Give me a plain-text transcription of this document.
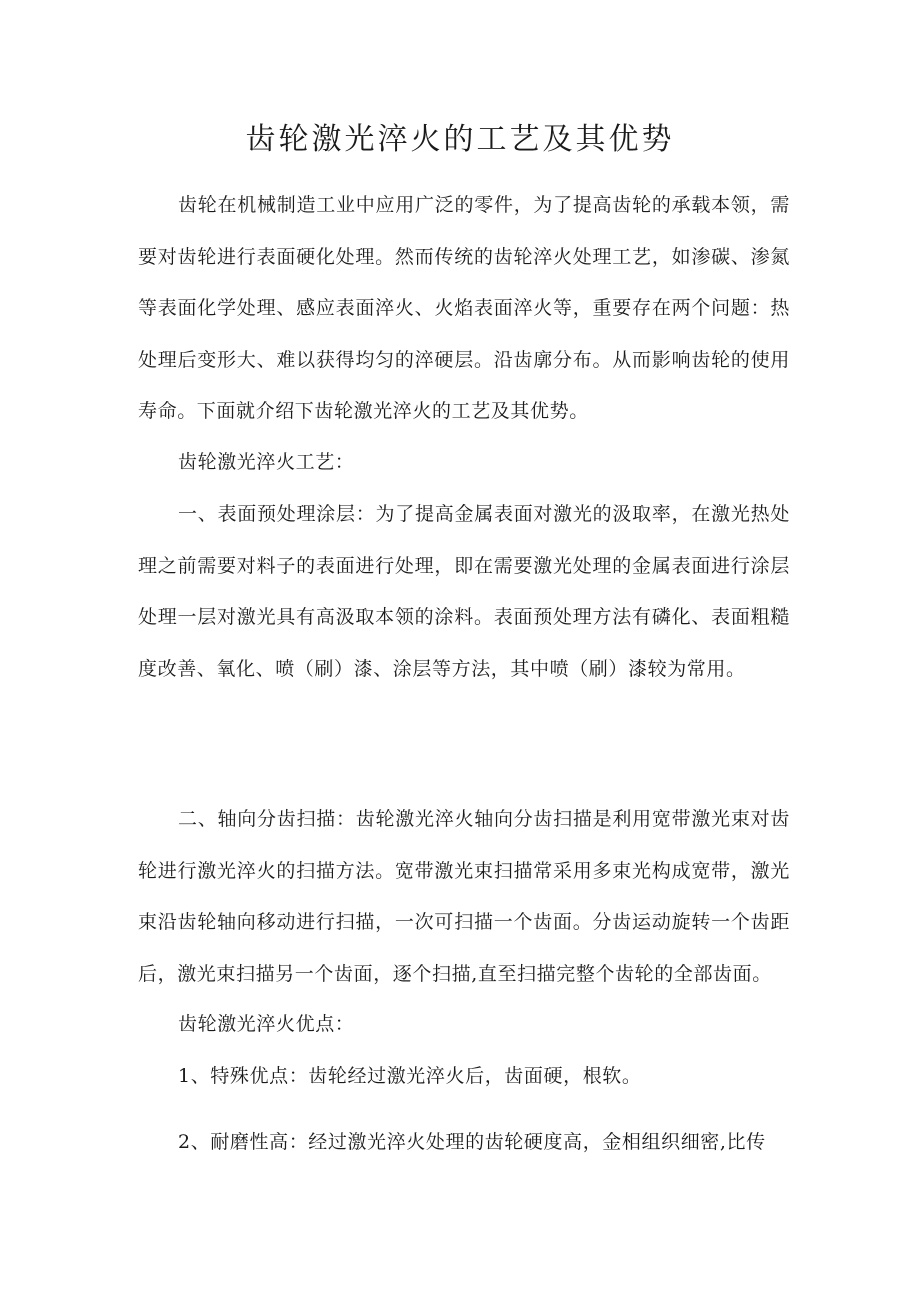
齿轮激光淬火的工艺及其优势

齿轮在机械制造工业中应用广泛的零件，为了提高齿轮的承载本领，需要对齿轮进行表面硬化处理。然而传统的齿轮淬火处理工艺，如渗碳、渗氮等表面化学处理、感应表面淬火、火焰表面淬火等，重要存在两个问题：热处理后变形大、难以获得均匀的淬硬层。沿齿廓分布。从而影响齿轮的使用寿命。下面就介绍下齿轮激光淬火的工艺及其优势。

齿轮激光淬火工艺：

一、表面预处理涂层：为了提高金属表面对激光的汲取率，在激光热处理之前需要对料子的表面进行处理，即在需要激光处理的金属表面进行涂层处理一层对激光具有高汲取本领的涂料。表面预处理方法有磷化、表面粗糙度改善、氧化、喷（刷）漆、涂层等方法，其中喷（刷）漆较为常用。

二、轴向分齿扫描：齿轮激光淬火轴向分齿扫描是利用宽带激光束对齿轮进行激光淬火的扫描方法。宽带激光束扫描常采用多束光构成宽带，激光束沿齿轮轴向移动进行扫描，一次可扫描一个齿面。分齿运动旋转一个齿距后，激光束扫描另一个齿面，逐个扫描,直至扫描完整个齿轮的全部齿面。

齿轮激光淬火优点：

1、特殊优点：齿轮经过激光淬火后，齿面硬，根软。

2、耐磨性高：经过激光淬火处理的齿轮硬度高，金相组织细密,比传
